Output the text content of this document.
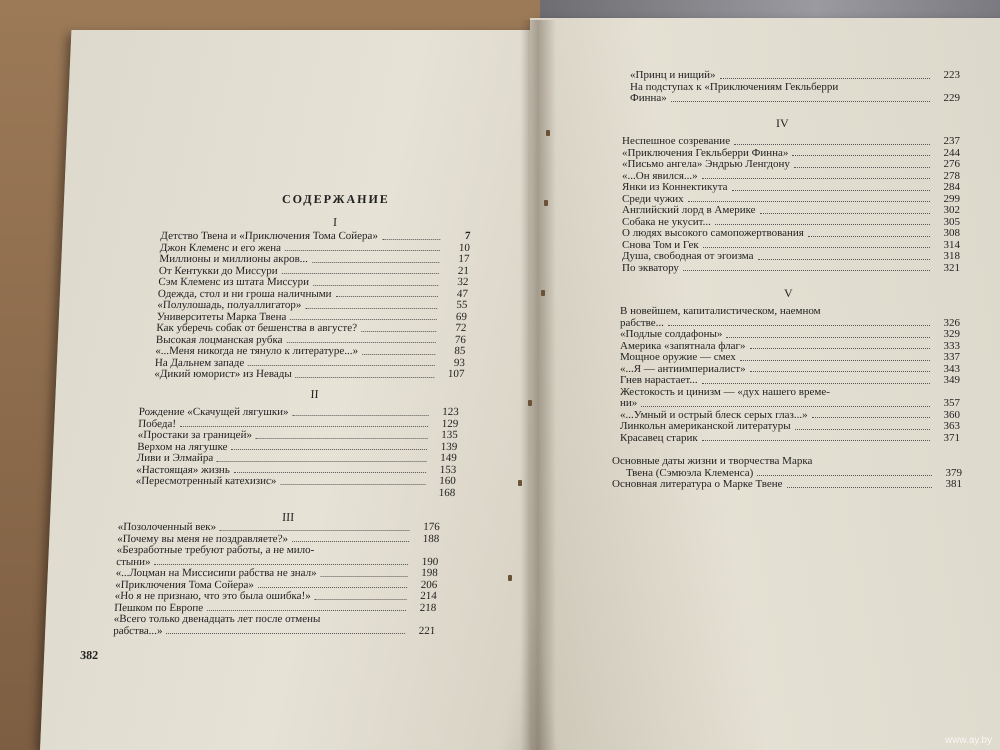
СОДЕРЖАНИЕ
I
Детство Твена и «Приключения Тома Сойера»	7
Джон Клеменс и его жена	10
Миллионы и миллионы акров...	17
От Кентукки до Миссури	21
Сэм Клеменс из штата Миссури	32
Одежда, стол и ни гроша наличными	47
«Полулошадь, полуаллигатор»	55
Университеты Марка Твена	69
Как уберечь собак от бешенства в августе?	72
Высокая лоцманская рубка	76
«...Меня никогда не тянуло к литературе...»	85
На Дальнем западе	93
«Дикий юморист» из Невады	107
II
Рождение «Скачущей лягушки»	123
Победа!	129
«Простаки за границей»	135
Верхом на лягушке	139
Ливи и Элмайра	149
«Настоящая» жизнь	153
«Пересмотренный катехизис»	160
168
III
«Позолоченный век»	176
«Почему вы меня не поздравляете?»	188
«Безработные требуют работы, а не мило-
стыни»	190
«...Лоцман на Миссисипи рабства не знал»	198
«Приключения Тома Сойера»	206
«Но я не признаю, что это была ошибка!»	214
Пешком по Европе	218
«Всего только двенадцать лет после отмены
рабства...»	221
382
«Принц и нищий»	223
На подступах к «Приключениям Гекльберри
Финна»	229
IV
Неспешное созревание	237
«Приключения Гекльберри Финна»	244
«Письмо ангела» Эндрью Ленгдону	276
«...Он явился...»	278
Янки из Коннектикута	284
Среди чужих	299
Английский лорд в Америке	302
Собака не укусит...	305
О людях высокого самопожертвования	308
Снова Том и Гек	314
Душа, свободная от эгоизма	318
По экватору	321
V
В новейшем, капиталистическом, наемном
рабстве...	326
«Подлые солдафоны»	329
Америка «запятнала флаг»	333
Мощное оружие — смех	337
«...Я — антиимпериалист»	343
Гнев нарастает...	349
Жестокость и цинизм — «дух нашего време-
ни»	357
«...Умный и острый блеск серых глаз...»	360
Линкольн американской литературы	363
Красавец старик	371
Основные даты жизни и творчества Марка
Твена (Сэмюэла Клеменса)	379
Основная литература о Марке Твене	381
www.ay.by
